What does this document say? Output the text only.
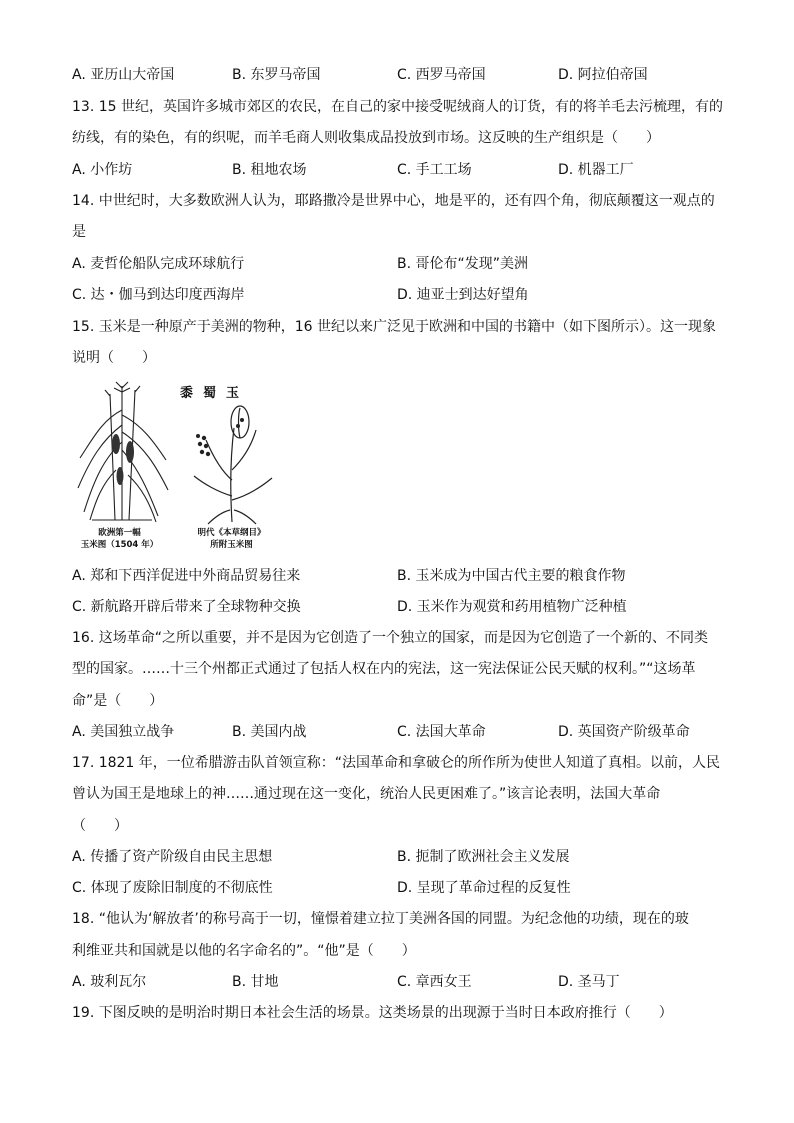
A. 亚历山大帝国	B. 东罗马帝国	C. 西罗马帝国	D. 阿拉伯帝国
13. 15 世纪，英国许多城市郊区的农民，在自己的家中接受呢绒商人的订货，有的将羊毛去污梳理，有的
纺线，有的染色，有的织呢，而羊毛商人则收集成品投放到市场。这反映的生产组织是（　　）
A. 小作坊	B. 租地农场	C. 手工工场	D. 机器工厂
14. 中世纪时，大多数欧洲人认为，耶路撒冷是世界中心，地是平的，还有四个角，彻底颠覆这一观点的
是
A. 麦哲伦船队完成环球航行	B. 哥伦布“发现”美洲
C. 达・伽马到达印度西海岸	D. 迪亚士到达好望角
15. 玉米是一种原产于美洲的物种，16 世纪以来广泛见于欧洲和中国的书籍中（如下图所示）。这一现象
说明（　　）
黍蜀玉
欧洲第一幅
玉米图（1504 年）
明代《本草纲目》
所附玉米图
A. 郑和下西洋促进中外商品贸易往来	B. 玉米成为中国古代主要的粮食作物
C. 新航路开辟后带来了全球物种交换	D. 玉米作为观赏和药用植物广泛种植
16. 这场革命“之所以重要，并不是因为它创造了一个独立的国家，而是因为它创造了一个新的、不同类
型的国家。……十三个州都正式通过了包括人权在内的宪法，这一宪法保证公民天赋的权利。”“这场革
命”是（　　）
A. 美国独立战争	B. 美国内战	C. 法国大革命	D. 英国资产阶级革命
17. 1821 年，一位希腊游击队首领宣称：“法国革命和拿破仑的所作所为使世人知道了真相。以前，人民
曾认为国王是地球上的神……通过现在这一变化，统治人民更困难了。”该言论表明，法国大革命
（　　）
A. 传播了资产阶级自由民主思想	B. 扼制了欧洲社会主义发展
C. 体现了废除旧制度的不彻底性	D. 呈现了革命过程的反复性
18. “他认为‘解放者’的称号高于一切，憧憬着建立拉丁美洲各国的同盟。为纪念他的功绩，现在的玻
利维亚共和国就是以他的名字命名的”。“他”是（　　）
A. 玻利瓦尔	B. 甘地	C. 章西女王	D. 圣马丁
19. 下图反映的是明治时期日本社会生活的场景。这类场景的出现源于当时日本政府推行（　　）
